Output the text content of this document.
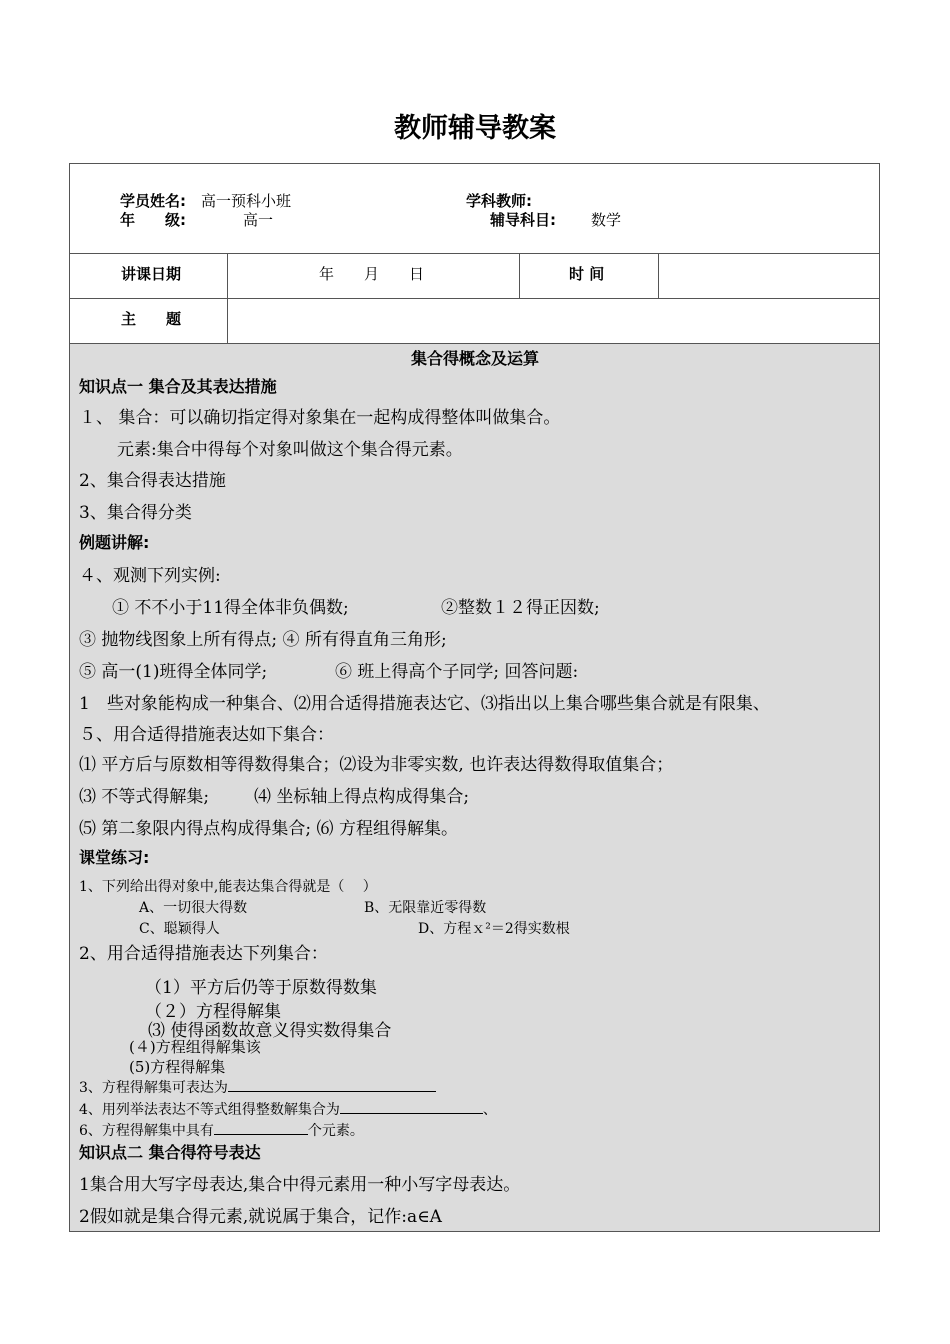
教师辅导教案
学员姓名: 高一预科小班	学科教师:
年　　级:	高一	辅导科目: 数学
讲课日期	年　　月　　日	时 间
主　　题
集合得概念及运算
知识点一 集合及其表达措施
１、 集合：可以确切指定得对象集在一起构成得整体叫做集合。
元素:集合中得每个对象叫做这个集合得元素。
2、集合得表达措施
3、集合得分类
例题讲解:
４、观测下列实例:
① 不不小于11得全体非负偶数;	②整数１２得正因数;
③ 抛物线图象上所有得点; ④ 所有得直角三角形;
⑤ 高一(1)班得全体同学;	⑥ 班上得高个子同学; 回答问题:
1　些对象能构成一种集合、⑵用合适得措施表达它、⑶指出以上集合哪些集合就是有限集、
５、用合适得措施表达如下集合：
⑴ 平方后与原数相等得数得集合；⑵设为非零实数, 也许表达得数得取值集合；
⑶ 不等式得解集;	⑷ 坐标轴上得点构成得集合;
⑸ 第二象限内得点构成得集合; ⑹ 方程组得解集。
课堂练习:
1、下列给出得对象中,能表达集合得就是（　 ）
A、一切很大得数	B、无限靠近零得数
C、聪颖得人	D、方程ｘ²＝2得实数根
2、用合适得措施表达下列集合：
（1）平方后仍等于原数得数集
（２）方程得解集
⑶ 使得函数故意义得实数得集合
(４)方程组得解集该
(5)方程得解集
3、方程得解集可表达为
4、用列举法表达不等式组得整数解集合为	、
6、方程得解集中具有	个元素。
知识点二 集合得符号表达
1集合用大写字母表达,集合中得元素用一种小写字母表达。
2假如就是集合得元素,就说属于集合，记作:a∈A
